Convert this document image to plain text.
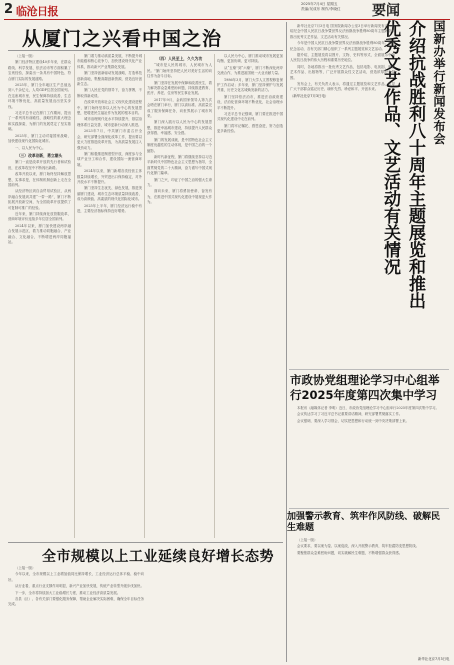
2 临沧日报
2025年7月4日 星期五
责编/吴成东 制作/李晓红	要闻
从厦门之兴看中国之治

（上接一版）

厦门经济特区建设40多年来，在群众路线、科学发展、依法治市等方面积累了宝贵经验，探索出一条具有中国特色、符合厦门实际的发展道路。

2025年，厦门全年地区生产总值达到八千余亿元，人均GDP位居全国前列。在这座城市里，民生保障持续改善，生态环境不断优化，高质量发展迈出坚实步伐。

习近平总书记在厦门工作期间，提出了一系列具有前瞻性、战略性的重大理念和实践探索，为厦门的发展奠定了坚实基础。

2025年，厦门主动对接国家战略，加快建设现代化国际化城市。

一、以人民为中心。

（三）改革创新，勇立潮头

厦门一直是改革开放的先行者和试验田，在改革攻坚中不断闯出新路。

改革开放以来，厦门始终坚持解放思想、实事求是，在体制机制创新上走在全国前列。

从经济特区到自由贸易试验区，从两岸融合发展到共建“一带一路”，厦门不断拓展开放新空间，为全国改革开放提供了可复制可推广的经验。

近年来，厦门持续深化放管服改革，营商环境评价连续多年位居全国前列。

2024年以来，厦门加快建设两岸融合发展示范区，着力推动同胞融合、产业融合、文化融合，不断增进两岸同胞福祉。

厦门着力推动高质量发展，不断提升城市能级和核心竞争力，加快建设现代化产业体系，推动新兴产业集群化发展。

厦门坚持创新驱动发展战略，打造科技创新高地，集聚高端创新资源，营造良好创新生态。

厦门人民在党的领导下，奋力拼搏，不断取得新成绩。

在改革开放和社会主义现代化建设进程中，厦门始终坚持以人民为中心的发展思想，把增进民生福祉作为发展的根本目的。

城市治理现代化水平持续提升，基层治理体系日益完善，城市更新行动深入推进。

2023年7月，中共厦门市委召开全会，研究部署全面深化改革工作，提出要以更大力度推进改革开放，为高质量发展注入强劲动力。

厦门积极推进制度型开放，深度参与全球产业分工和合作，建设国际一流营商环境。

2024年以来，厦门新增各类经营主体数量持续增长，外贸进出口保持稳定，对外开放水平不断提升。

厦门坚持生态优先、绿色发展，推进美丽厦门建设，城市生态环境质量持续改善，成为高颜值、高素质的现代化国际化城市。

2025年上半年，厦门经济运行稳中有进，主要经济指标保持良好增势。

（四）人民至上，久久为功

“城市是人民的城市，人民城市为人民。”厦门始终坚持把人民对美好生活的向往作为奋斗目标。

厦门坚持在发展中保障和改善民生，着力解决群众急难愁盼问题，持续推进教育、医疗、养老、住房等民生事业发展。

2017年9月，金砖国家领导人第九次会晤在厦门举行，厦门以高标准、高质量完成了服务保障任务，向世界展示了城市风采。

厦门深入践行以人民为中心的发展思想，推进幸福城市建设，持续提升人民群众获得感、幸福感、安全感。

厦门的发展成就，是中国特色社会主义制度优越性的生动体现，是中国之治的一个缩影。

新时代新征程，厦门将继续坚持以习近平新时代中国特色社会主义思想为指导，全面贯彻党的二十大精神，奋力谱写中国式现代化厦门篇章。

厦门之兴，印证了中国之治的强大生命力。

面向未来，厦门将勇担使命、奋发有为，在推进中国式现代化建设中展现更大作为。

以人民为中心，厦门推动城市发展更加均衡、更加协调、更可持续。

从“五缘”到“六缘”，厦门不断深化两岸交流合作，为推进祖国统一大业贡献力量。

1986年3月，厦门大学人文景观修复保护工作启动；多年来，厦门坚持保护与发展并重，历史文化名城焕发新的活力。

厦门坚持依法治市，推进法治政府建设，法治化营商环境不断优化，社会治理水平不断提升。

习近平总书记强调，厦门要在推进中国式现代化建设中走在前列。

厦门将牢记嘱托、感恩奋进，努力创造更多新经验。	国新办举行新闻发布会
介绍抗战胜利八十周年主题展览和推出优秀文艺作品、文艺活动有关情况

新华社北京7月3日电 国务院新闻办公室3日举行新闻发布会，介绍纪念中国人民抗日战争暨世界反法西斯战争胜利80周年主题展览和推出优秀文艺作品、文艺活动有关情况。

今年是中国人民抗日战争暨世界反法西斯战争胜利80周年。围绕纪念活动，各有关部门精心组织了一系列主题展览和文艺活动。

据介绍，主题展览将以图片、文物、史料等形式，全面展示中国人民抗日战争的伟大历程和重要历史地位。

同时，各地将推出一批优秀文艺作品，包括电影、电视剧、舞台艺术作品、出版物等，广泛开展群众性文艺活动，营造浓厚纪念氛围。

发布会上，有关负责人表示，将通过主题展览和文艺作品，引导广大干部群众铭记历史、缅怀先烈、珍爱和平、开创未来。

（新华社北京7月3日电）

市政协党组理论学习中心组举行2025年度第四次集中学习

本报讯（融媒体记者 李明）近日，市政协党组理论学习中心组举行2025年度第四次集中学习。

会议传达学习了习近平总书记重要讲话精神，研究部署贯彻落实工作。

会议强调，要深入学习领会，切实把思想和行动统一到中央决策部署上来。

加强警示教育、筑牢作风防线、破解民生难题

（上接一版）

会议要求，要以案为鉴、以案促改，深入开展警示教育，筑牢拒腐防变思想防线。

要聚焦群众急难愁盼问题，切实破解民生难题，不断增强群众获得感。

新华社北京7月3日电
全市规模以上工业延续良好增长态势

（上接一版）

今年以来，全市规模以上工业增加值同比保持增长，工业经济运行总体平稳、稳中向好。

从行业看，重点行业支撑作用明显，新兴产业加快发展，传统产业转型升级步伐加快。

下一步，全市将持续加大工业稳增长力度，推动工业经济高质量发展。

各县（区）、各有关部门要强化服务保障，帮助企业解决实际困难，确保全年目标任务完成。
